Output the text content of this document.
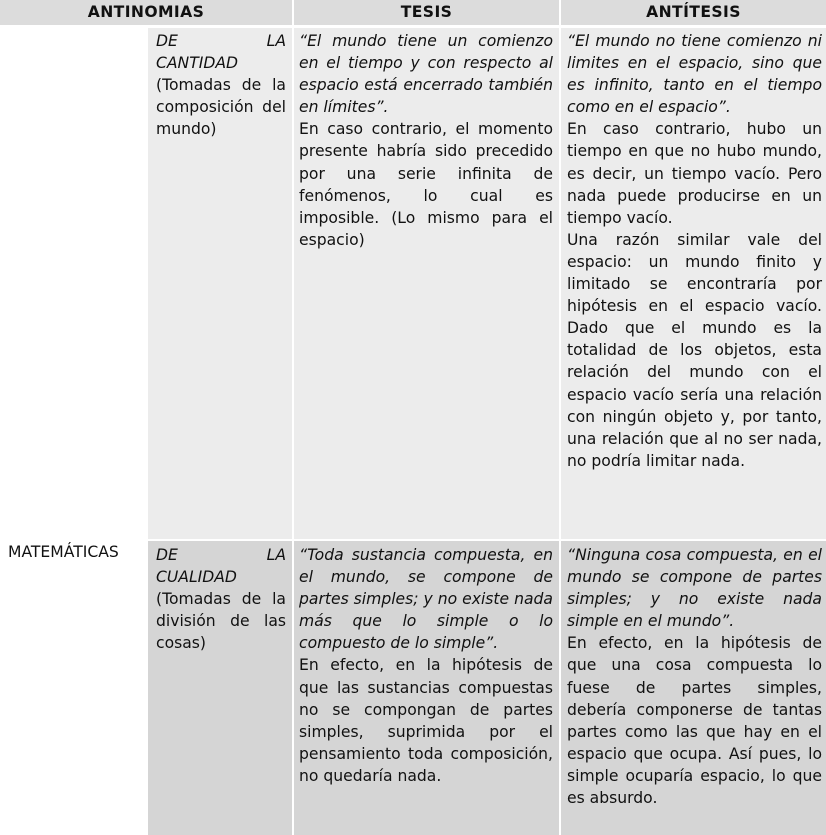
ANTINOMIAS	TESIS	ANTÍTESIS
MATEMÁTICAS
DE LA CANTIDAD
(Tomadas de la composición del mundo)
“El mundo tiene un comienzo en el tiempo y con respecto al espacio está encerrado también en límites”.
En caso contrario, el momento presente habría sido precedido por una serie infinita de fenómenos, lo cual es imposible. (Lo mismo para el espacio)
“El mundo no tiene comienzo ni limites en el espacio, sino que es infinito, tanto en el tiempo como en el espacio”.
En caso contrario, hubo un tiempo en que no hubo mundo, es decir, un tiempo vacío. Pero nada puede producirse en un tiempo vacío.
Una razón similar vale del espacio: un mundo finito y limitado se encontraría por hipótesis en el espacio vacío. Dado que el mundo es la totalidad de los objetos, esta relación del mundo con el espacio vacío sería una relación con ningún objeto y, por tanto, una relación que al no ser nada, no podría limitar nada.
DE LA CUALIDAD
(Tomadas de la división de las cosas)
“Toda sustancia compuesta, en el mundo, se compone de partes simples; y no existe nada más que lo simple o lo compuesto de lo simple”.
En efecto, en la hipótesis de que las sustancias compuestas no se compongan de partes simples, suprimida por el pensamiento toda composición, no quedaría nada.
“Ninguna cosa compuesta, en el mundo se compone de partes simples; y no existe nada simple en el mundo”.
En efecto, en la hipótesis de que una cosa compuesta lo fuese de partes simples, debería componerse de tantas partes como las que hay en el espacio que ocupa. Así pues, lo simple ocuparía espacio, lo que es absurdo.
